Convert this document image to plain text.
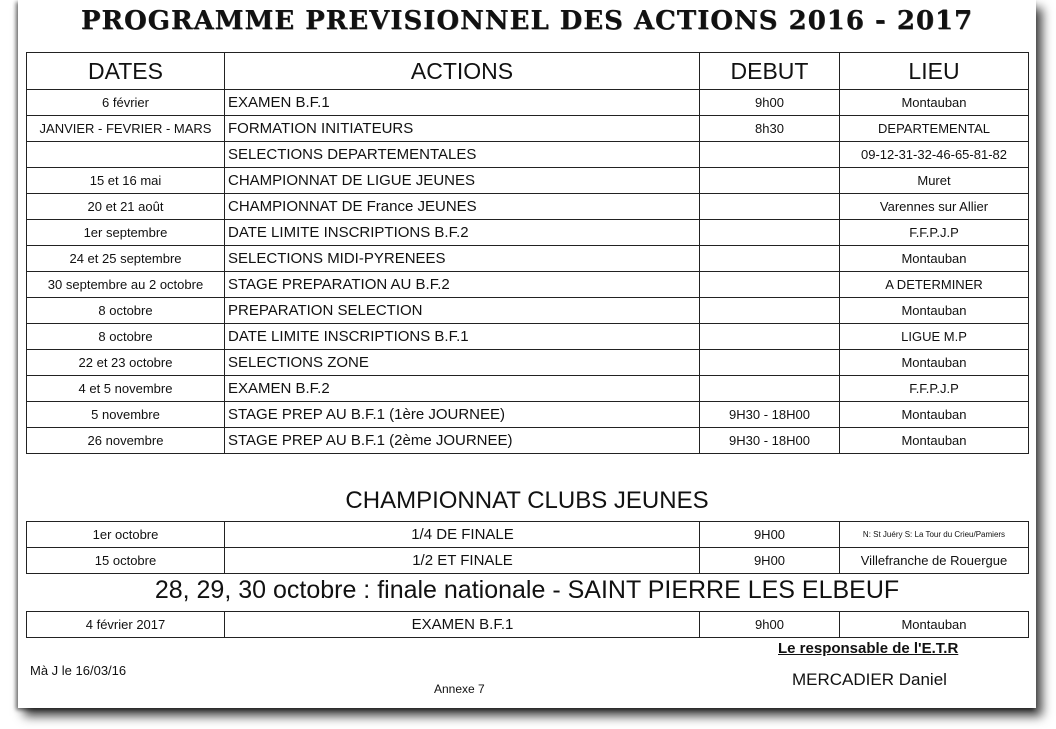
PROGRAMME PREVISIONNEL DES ACTIONS 2016 - 2017
DATES	ACTIONS	DEBUT	LIEU
6 février	EXAMEN B.F.1	9h00	Montauban
JANVIER - FEVRIER - MARS	FORMATION INITIATEURS	8h30	DEPARTEMENTAL
	SELECTIONS DEPARTEMENTALES		09-12-31-32-46-65-81-82
15 et 16 mai	CHAMPIONNAT DE LIGUE JEUNES		Muret
20 et 21 août	CHAMPIONNAT DE France JEUNES		Varennes sur Allier
1er septembre	DATE LIMITE INSCRIPTIONS B.F.2		F.F.P.J.P
24 et 25 septembre	SELECTIONS MIDI-PYRENEES		Montauban
30 septembre au 2 octobre	STAGE PREPARATION AU B.F.2		A DETERMINER
8 octobre	PREPARATION SELECTION		Montauban
8 octobre	DATE LIMITE INSCRIPTIONS B.F.1		LIGUE M.P
22 et 23 octobre	SELECTIONS ZONE		Montauban
4 et 5 novembre	EXAMEN B.F.2		F.F.P.J.P
5 novembre	STAGE PREP AU B.F.1 (1ère JOURNEE)	9H30 - 18H00	Montauban
26 novembre	STAGE PREP AU B.F.1 (2ème JOURNEE)	9H30 - 18H00	Montauban
CHAMPIONNAT CLUBS JEUNES
1er octobre	1/4 DE FINALE	9H00	N: St Juéry S: La Tour du Crieu/Pamiers
15 octobre	1/2 ET FINALE	9H00	Villefranche de Rouergue
28, 29, 30 octobre : finale nationale - SAINT PIERRE LES ELBEUF
4 février 2017	EXAMEN B.F.1	9h00	Montauban
Mà J le 16/03/16
Annexe 7
Le responsable de l'E.T.R
MERCADIER Daniel
